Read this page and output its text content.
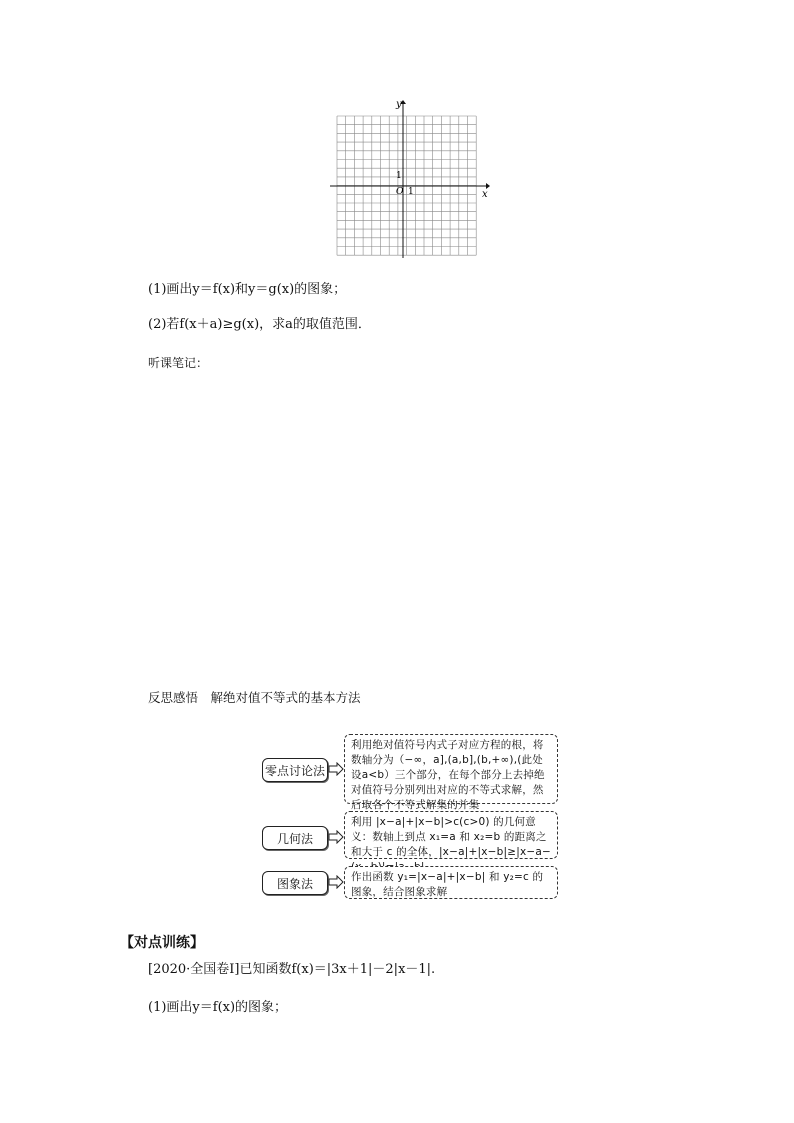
x
y
O 1
1
(1)画出y＝f(x)和y＝g(x)的图象；
(2)若f(x＋a)≥g(x)，求a的取值范围．
听课笔记：
反思感悟　解绝对值不等式的基本方法
零点讨论法
利用绝对值符号内式子对应方程的根，将数轴分为（−∞，a],(a,b],(b,+∞),(此处设a<b）三个部分，在每个部分上去掉绝对值符号分别列出对应的不等式求解，然后取各个不等式解集的并集
几何法
利用 |x−a|+|x−b|>c(c>0) 的几何意义：数轴上到点 x₁=a 和 x₂=b 的距离之和大于 c 的全体，|x−a|+|x−b|≥|x−a−
图象法	作出函数 y₁=|x−a|+|x−b| 和 y₂=c 的图象，结合图象求解
【对点训练】
[2020·全国卷Ⅰ]已知函数f(x)＝|3x＋1|－2|x－1|.
(1)画出y＝f(x)的图象；
